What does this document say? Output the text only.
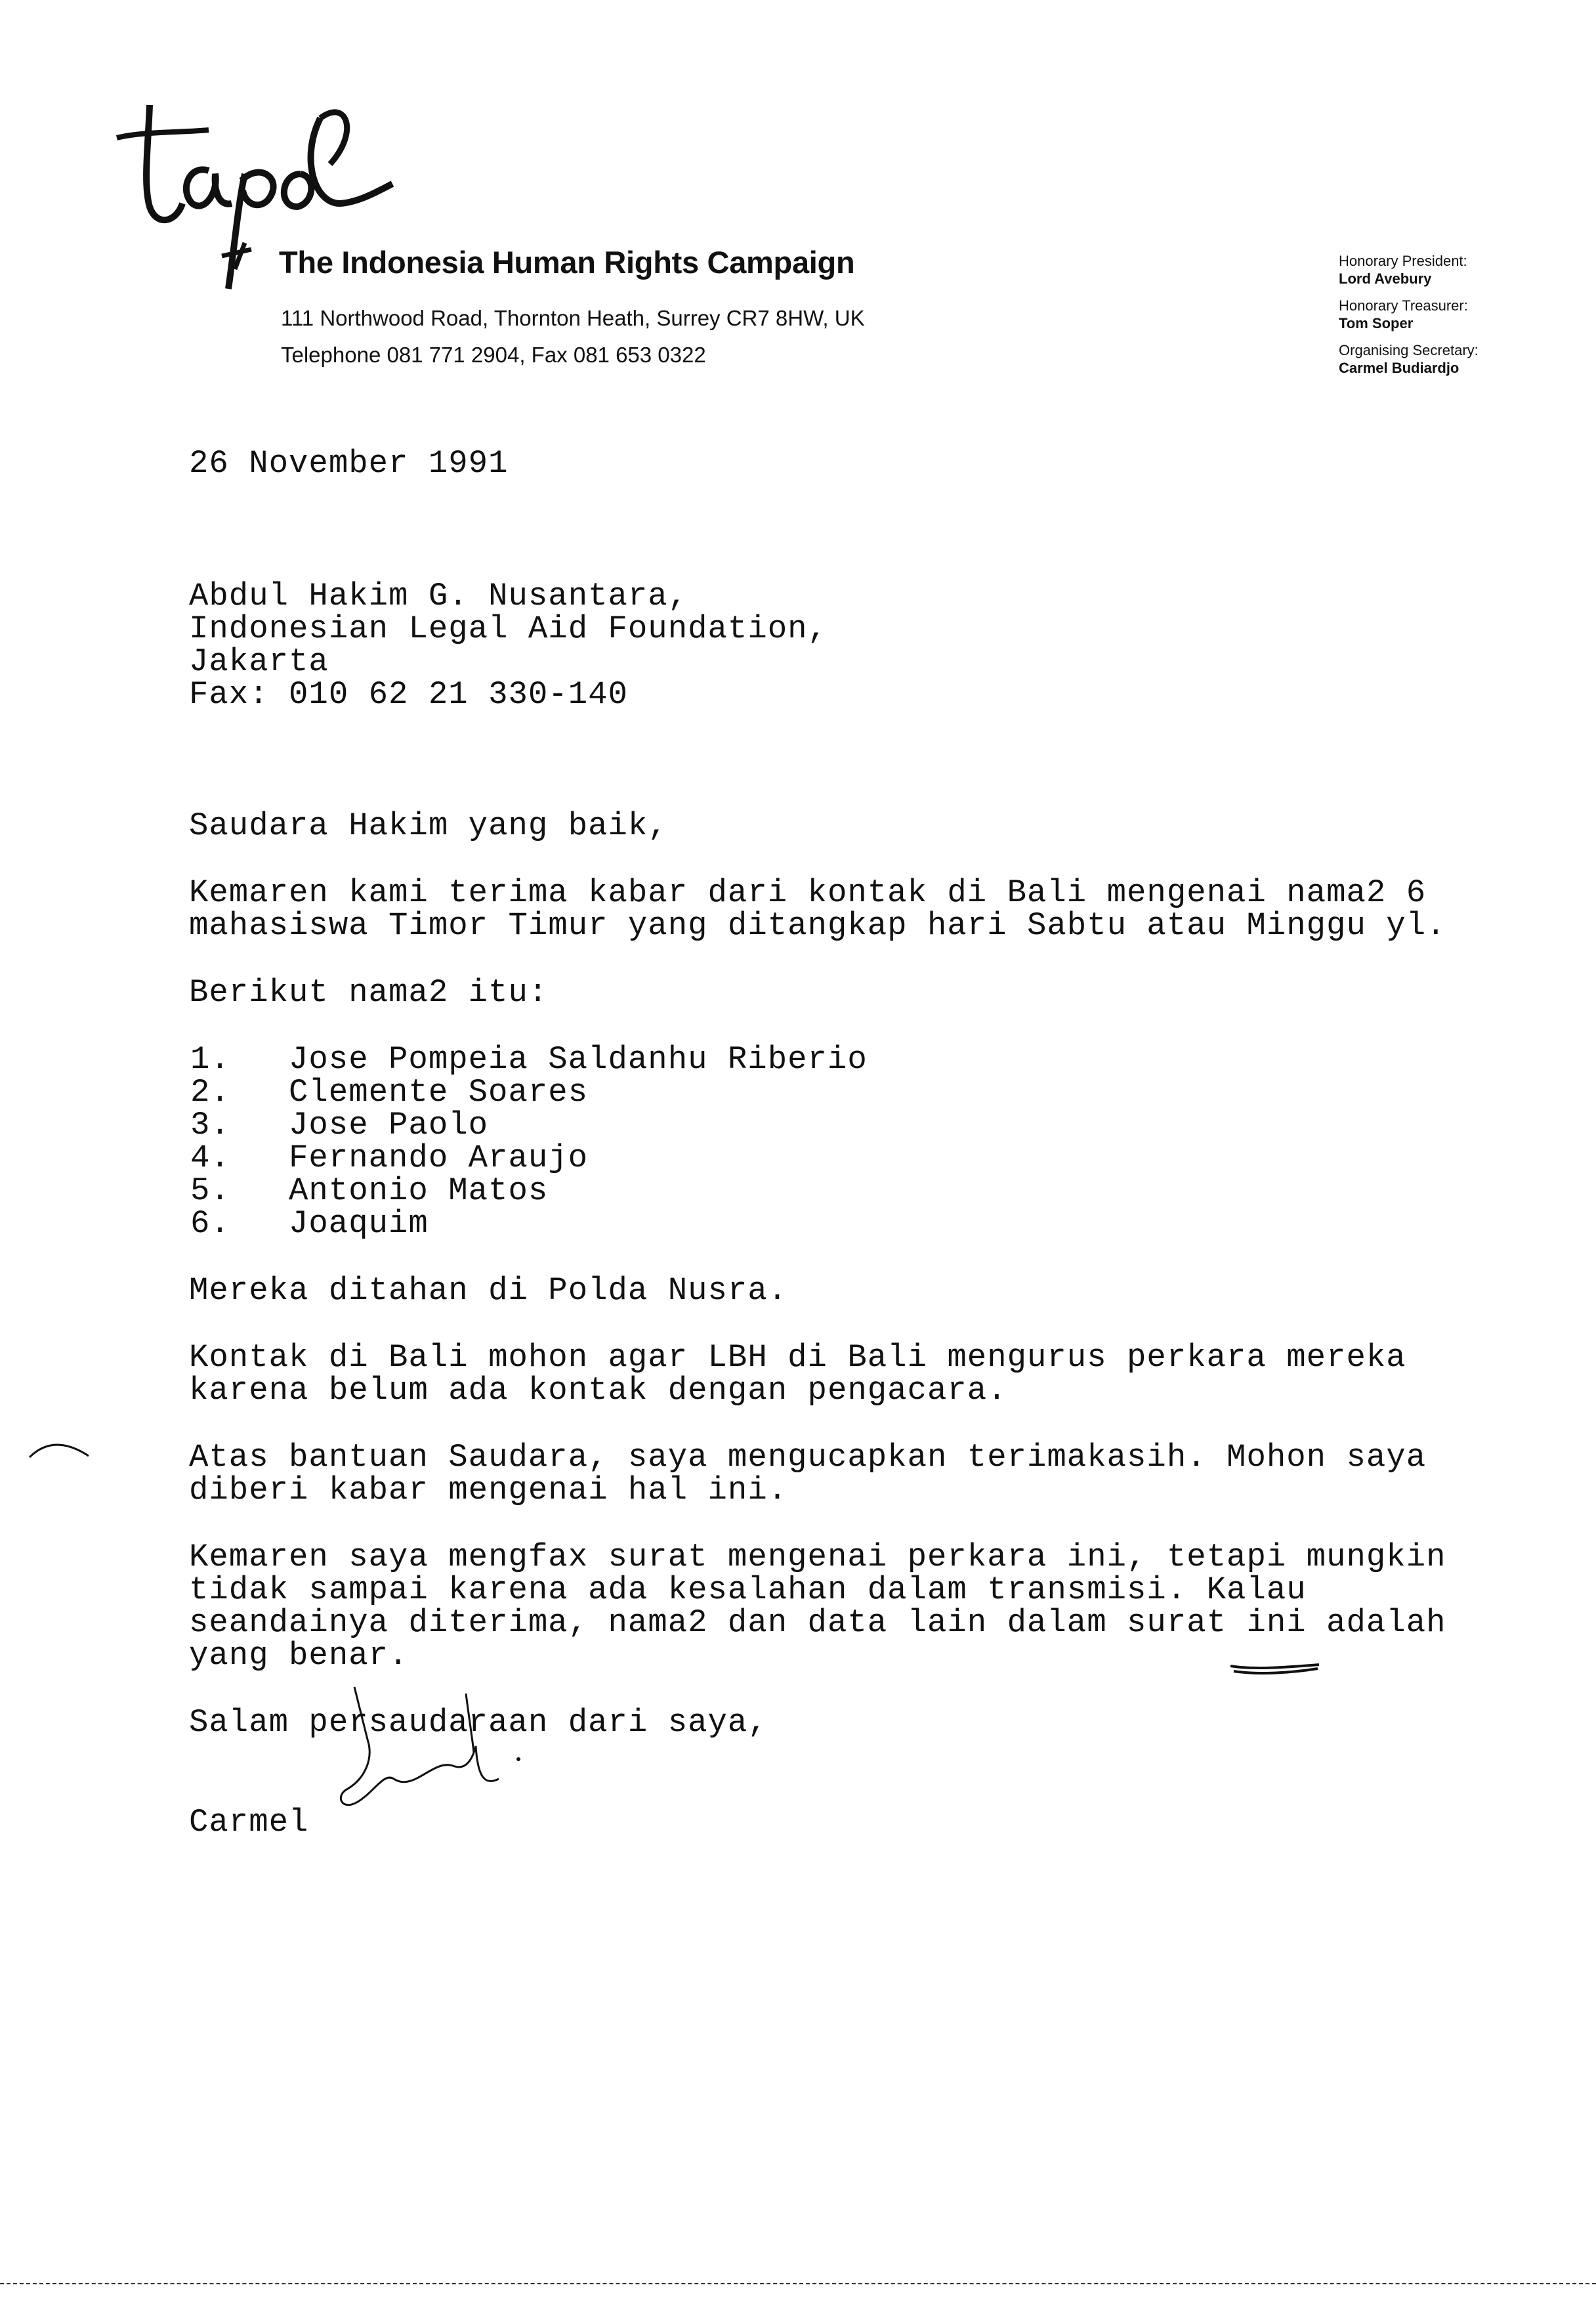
tapol
The Indonesia Human Rights Campaign
111 Northwood Road, Thornton Heath, Surrey CR7 8HW, UK
Telephone 081 771 2904, Fax 081 653 0322
Honorary President:
Lord Avebury
Honorary Treasurer:
Tom Soper
Organising Secretary:
Carmel Budiardjo

26 November 1991

Abdul Hakim G. Nusantara,

Indonesian Legal Aid Foundation,

Jakarta

Fax: 010 62 21 330-140

Saudara Hakim yang baik,

Kemaren kami terima kabar dari kontak di Bali mengenai nama2 6

mahasiswa Timor Timur yang ditangkap hari Sabtu atau Minggu yl.

Berikut nama2 itu:

1.

Jose Pompeia Saldanhu Riberio

2.

Clemente Soares

3.

Jose Paolo

4.

Fernando Araujo

5.

Antonio Matos

6.

Joaquim

Mereka ditahan di Polda Nusra.

Kontak di Bali mohon agar LBH di Bali mengurus perkara mereka

karena belum ada kontak dengan pengacara.

Atas bantuan Saudara, saya mengucapkan terimakasih. Mohon saya

diberi kabar mengenai hal ini.

Kemaren saya mengfax surat mengenai perkara ini, tetapi mungkin

tidak sampai karena ada kesalahan dalam transmisi. Kalau

seandainya diterima, nama2 dan data lain dalam surat ini adalah

yang benar.

Salam persaudaraan dari saya,

Carmel
